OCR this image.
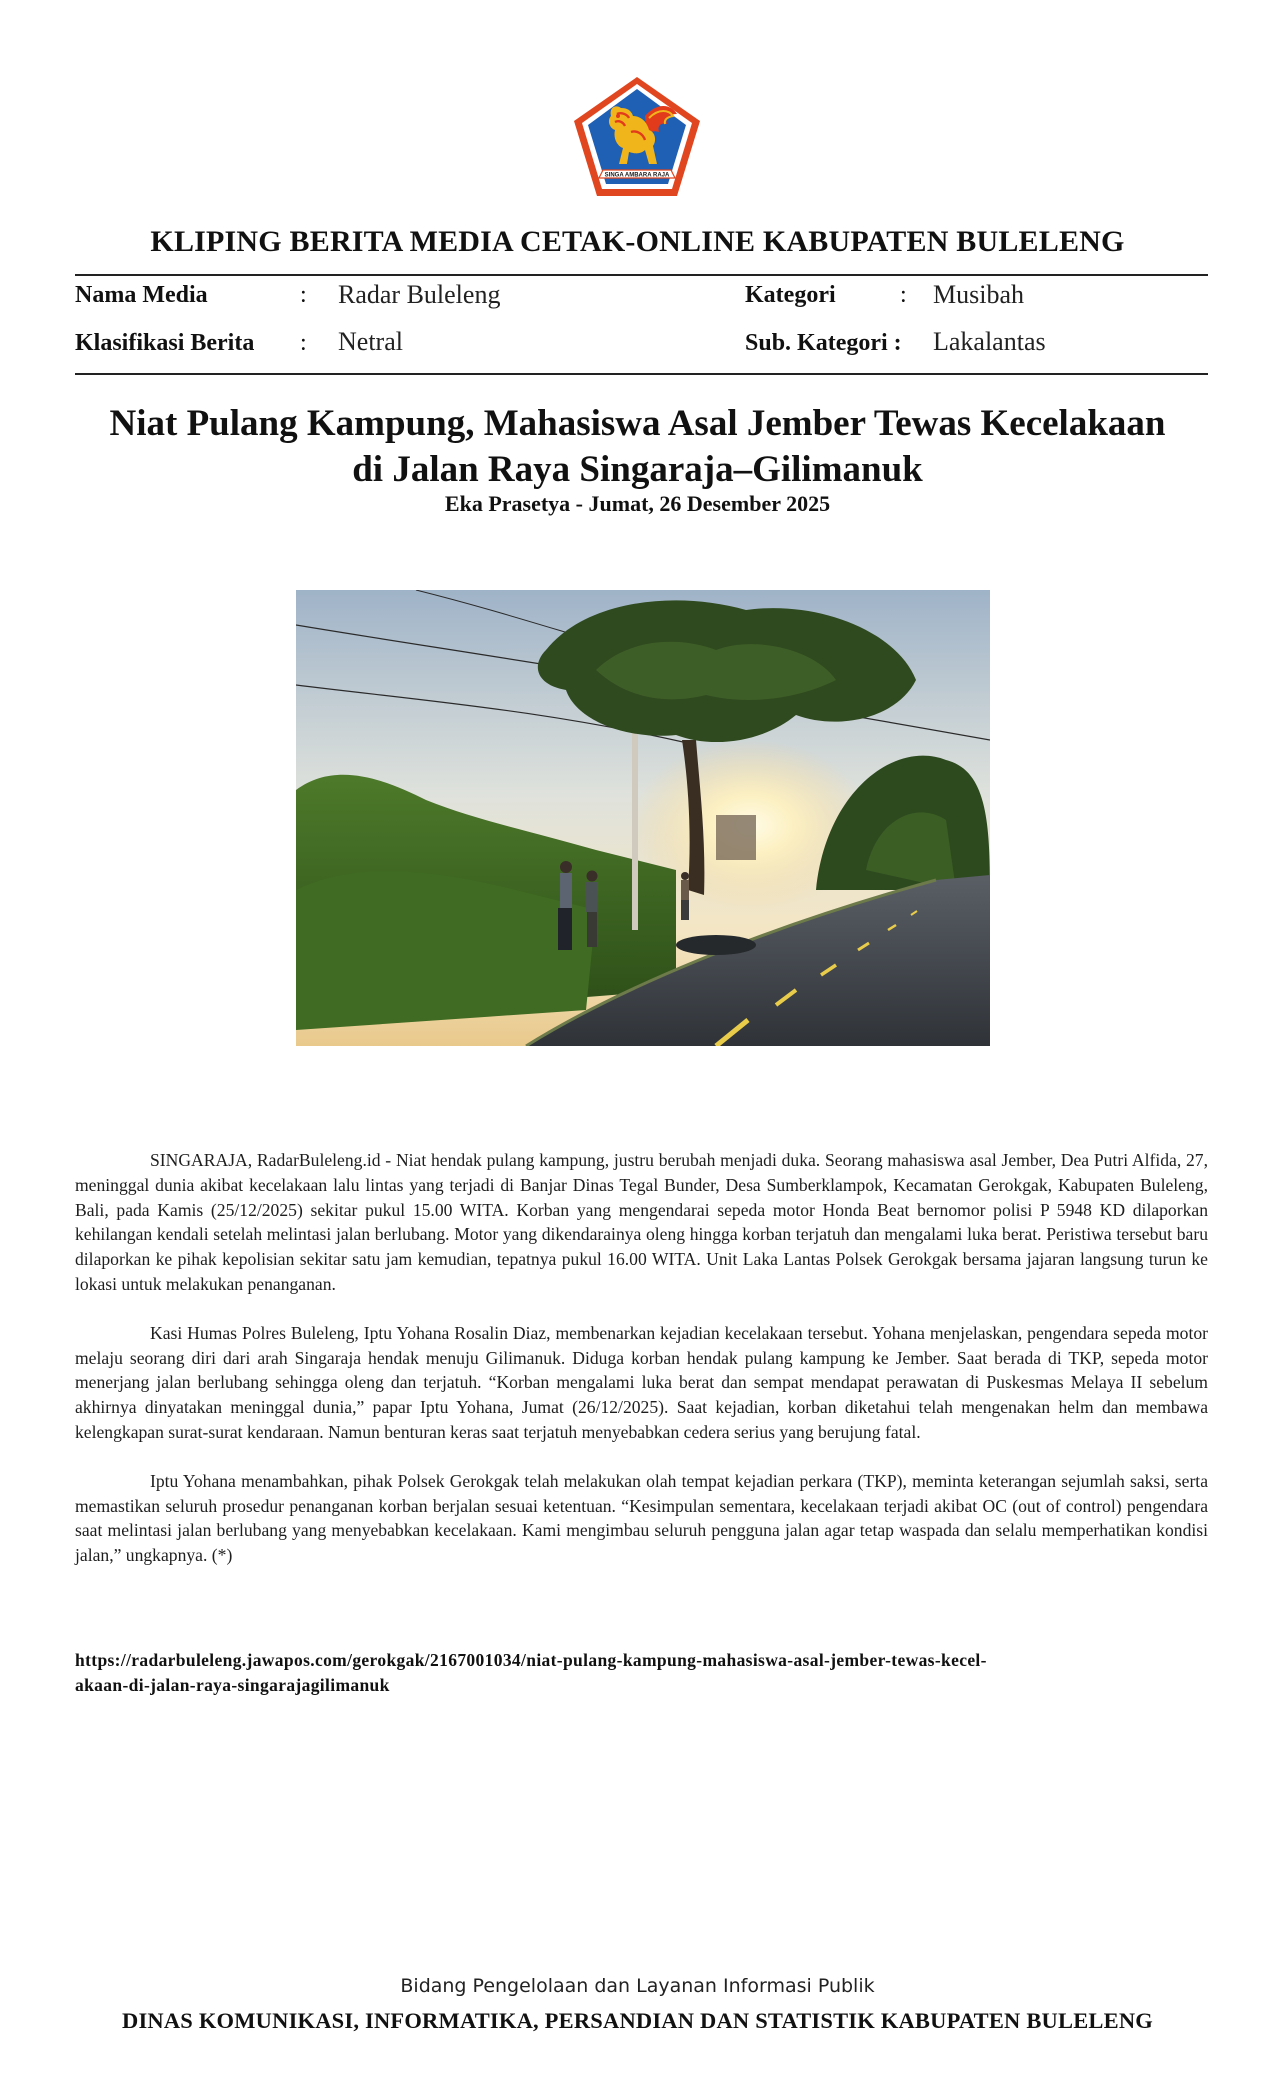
SINGA AMBARA RAJA
KLIPING BERITA MEDIA CETAK-ONLINE KABUPATEN BULELENG
Nama Media	: Radar Buleleng	Kategori	: Musibah
Klasifikasi Berita : Netral	Sub. Kategori : Lakalantas
Niat Pulang Kampung, Mahasiswa Asal Jember Tewas Kecelakaan
di Jalan Raya Singaraja–Gilimanuk
Eka Prasetya - Jumat, 26 Desember 2025

SINGARAJA, RadarBuleleng.id - Niat hendak pulang kampung, justru berubah menjadi duka. Seorang mahasiswa asal Jember, Dea Putri Alfida, 27, meninggal dunia akibat kecelakaan lalu lintas yang terjadi di Banjar Dinas Tegal Bunder, Desa Sumberklampok, Kecamatan Gerokgak, Kabupaten Buleleng, Bali, pada Kamis (25/12/2025) sekitar pukul 15.00 WITA. Korban yang mengendarai sepeda motor Honda Beat bernomor polisi P 5948 KD dilaporkan kehilangan kendali setelah melintasi jalan berlubang. Motor yang dikendarainya oleng hingga korban terjatuh dan mengalami luka berat. Peristiwa tersebut baru dilaporkan ke pihak kepolisian sekitar satu jam kemudian, tepatnya pukul 16.00 WITA. Unit Laka Lantas Polsek Gerokgak bersama jajaran langsung turun ke lokasi untuk melakukan penanganan.

Kasi Humas Polres Buleleng, Iptu Yohana Rosalin Diaz, membenarkan kejadian kecelakaan tersebut. Yohana menjelaskan, pengendara sepeda motor melaju seorang diri dari arah Singaraja hendak menuju Gilimanuk. Diduga korban hendak pulang kampung ke Jember. Saat berada di TKP, sepeda motor menerjang jalan berlubang sehingga oleng dan terjatuh. “Korban mengalami luka berat dan sempat mendapat perawatan di Puskesmas Melaya II sebelum akhirnya dinyatakan meninggal dunia,” papar Iptu Yohana, Jumat (26/12/2025). Saat kejadian, korban diketahui telah mengenakan helm dan membawa kelengkapan surat-surat kendaraan. Namun benturan keras saat terjatuh menyebabkan cedera serius yang berujung fatal.

Iptu Yohana menambahkan, pihak Polsek Gerokgak telah melakukan olah tempat kejadian perkara (TKP), meminta keterangan sejumlah saksi, serta memastikan seluruh prosedur penanganan korban berjalan sesuai ketentuan. “Kesimpulan sementara, kecelakaan terjadi akibat OC (out of control) pengendara saat melintasi jalan berlubang yang menyebabkan kecelakaan. Kami mengimbau seluruh pengguna jalan agar tetap waspada dan selalu memperhatikan kondisi jalan,” ungkapnya. (*)

https://radarbuleleng.jawapos.com/gerokgak/2167001034/niat-pulang-kampung-mahasiswa-asal-jember-tewas-kecel-
akaan-di-jalan-raya-singarajagilimanuk
Bidang Pengelolaan dan Layanan Informasi Publik
DINAS KOMUNIKASI, INFORMATIKA, PERSANDIAN DAN STATISTIK KABUPATEN BULELENG
